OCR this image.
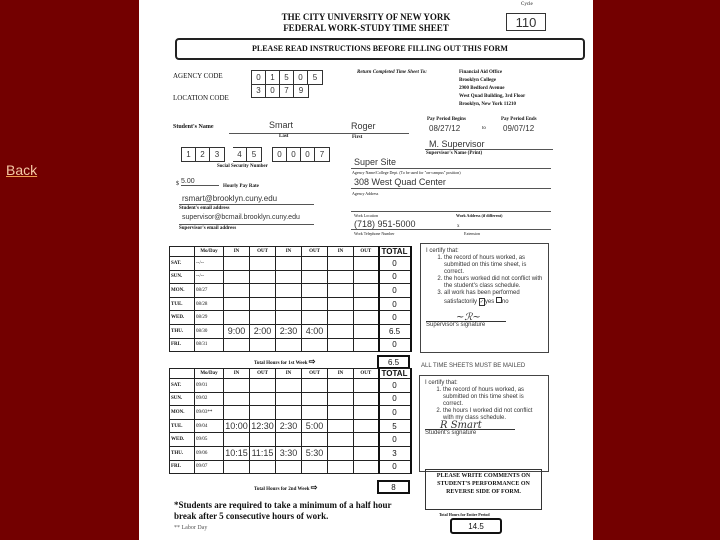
Back
THE CITY UNIVERSITY OF NEW YORK
FEDERAL WORK-STUDY TIME SHEET
Cycle
110
PLEASE READ INSTRUCTIONS BEFORE FILLING OUT THIS FORM
AGENCY CODE	0	1	5	0	5
LOCATION CODE
3	0	7	9
Return Completed Time Sheet To:	Financial Aid Office
Brooklyn College
2900 Bedford Avenue
West Quad Building, 3rd Floor
Brooklyn, New York 11210
Student's Name	Smart	Roger
Last	First
Pay Period Begins	Pay Period Ends
08/27/12	to 09/07/12
M. Supervisor
Supervisor's Name (Print)
1	2	3	4	5	0	0	0	7
Social Security Number	Super Site
Agency Name/College Dept. (To be used for "on-campus" position)
$ 5.00
Hourly Pay Rate	308 West Quad Center
Agency Address
rsmart@brooklyn.cuny.edu
Student's email address
supervisor@bcmail.brooklyn.cuny.edu
Supervisor's email address
Work Location	Work Address (if different)
(718) 951-5000	x
Work Telephone Number	Extension
	Mo/Day	IN	OUT	IN	OUT	IN	OUT	TOTAL
SAT.	--/--							0
SUN.	--/--							0
MON.	08/27							0
TUE.	08/28							0
WED.	08/29							0
THU.	08/30	9:00	2:00	2:30	4:00			6.5
FRI.	08/31							0
Total Hours for 1st Week ⇨	6.5
	Mo/Day	IN	OUT	IN	OUT	IN	OUT	TOTAL
SAT.	09/01							0
SUN.	09/02							0
MON.	09/03**							0
TUE.	09/04	10:00	12:30	2:30	5:00			5
WED.	09/05							0
THU.	09/06	10:15	11:15	3:30	5:30			3
FRI.	09/07							0
Total Hours for 2nd Week ⇨	8
I certify that:
1. the record of hours worked, as submitted on this time sheet, is correct.
2. the hours worked did not conflict with the student's class schedule.
3. all work has been performed satisfactorily ✓yes no
~ℛ~
Supervisor's signature
ALL TIME SHEETS MUST BE MAILED
I certify that:
1. the record of hours worked, as submitted on this time sheet is correct.
2. the hours I worked did not conflict with my class schedule.
R Smart
Student's signature
PLEASE WRITE COMMENTS ON STUDENT'S PERFORMANCE ON REVERSE SIDE OF FORM.
Total Hours for Entire Period
14.5
*Students are required to take a minimum of a half hour break after 5 consecutive hours of work.
** Labor Day
